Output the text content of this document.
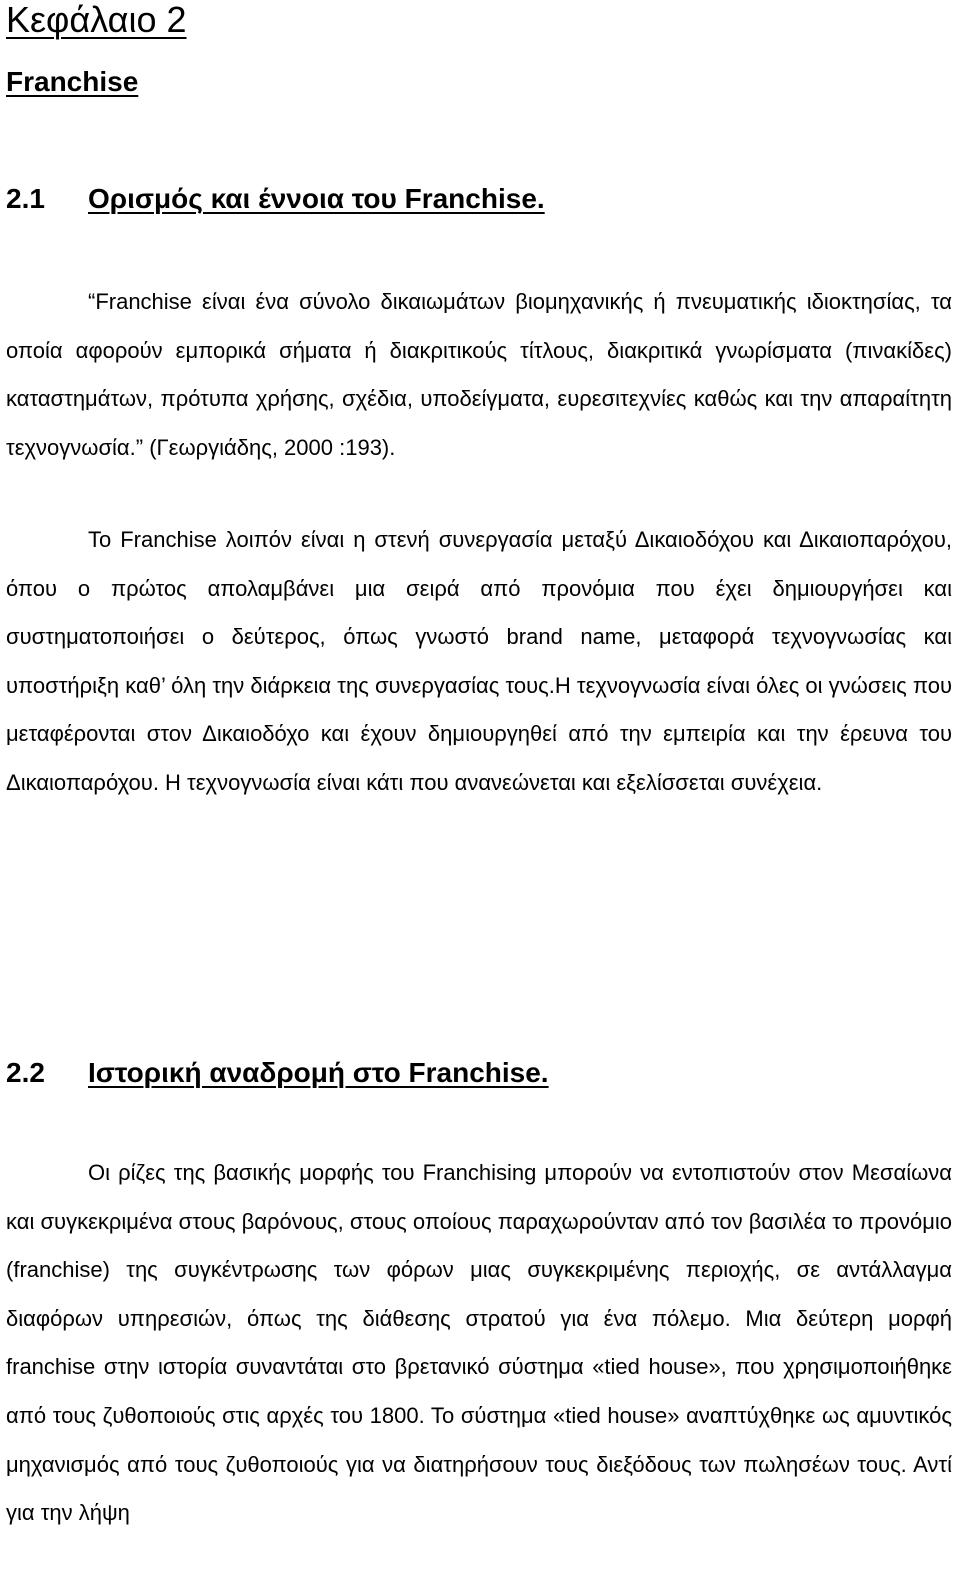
Κεφάλαιο 2
Franchise
2.1 Ορισμός και έννοια του Franchise.

“Franchise είναι ένα σύνολο δικαιωμάτων βιομηχανικής ή πνευματικής ιδιοκτησίας, τα οποία αφορούν εμπορικά σήματα ή διακριτικούς τίτλους, διακριτικά γνωρίσματα (πινακίδες) καταστημάτων, πρότυπα χρήσης, σχέδια, υποδείγματα, ευρεσιτεχνίες καθώς και την απαραίτητη τεχνογνωσία.” (Γεωργιάδης, 2000 :193).

Το Franchise λοιπόν είναι η στενή συνεργασία μεταξύ Δικαιοδόχου και Δικαιοπαρόχου, όπου ο πρώτος απολαμβάνει μια σειρά από προνόμια που έχει δημιουργήσει και συστηματοποιήσει ο δεύτερος, όπως γνωστό brand name, μεταφορά τεχνογνωσίας και υποστήριξη καθ’ όλη την διάρκεια της συνεργασίας τους.Η τεχνογνωσία είναι όλες οι γνώσεις που μεταφέρονται στον Δικαιοδόχο και έχουν δημιουργηθεί από την εμπειρία και την έρευνα του Δικαιοπαρόχου. Η τεχνογνωσία είναι κάτι που ανανεώνεται και εξελίσσεται συνέχεια.

2.2 Ιστορική αναδρομή στο Franchise.

Οι ρίζες της βασικής μορφής του Franchising μπορούν να εντοπιστούν στον Μεσαίωνα και συγκεκριμένα στους βαρόνους, στους οποίους παραχωρούνταν από τον βασιλέα το προνόμιο (franchise) της συγκέντρωσης των φόρων μιας συγκεκριμένης περιοχής, σε αντάλλαγμα διαφόρων υπηρεσιών, όπως της διάθεσης στρατού για ένα πόλεμο. Μια δεύτερη μορφή franchise στην ιστορία συναντάται στο βρετανικό σύστημα «tied house», που χρησιμοποιήθηκε από τους ζυθοποιούς στις αρχές του 1800. Το σύστημα «tied house» αναπτύχθηκε ως αμυντικός μηχανισμός από τους ζυθοποιούς για να διατηρήσουν τους διεξόδους των πωλησέων τους. Αντί για την λήψη
